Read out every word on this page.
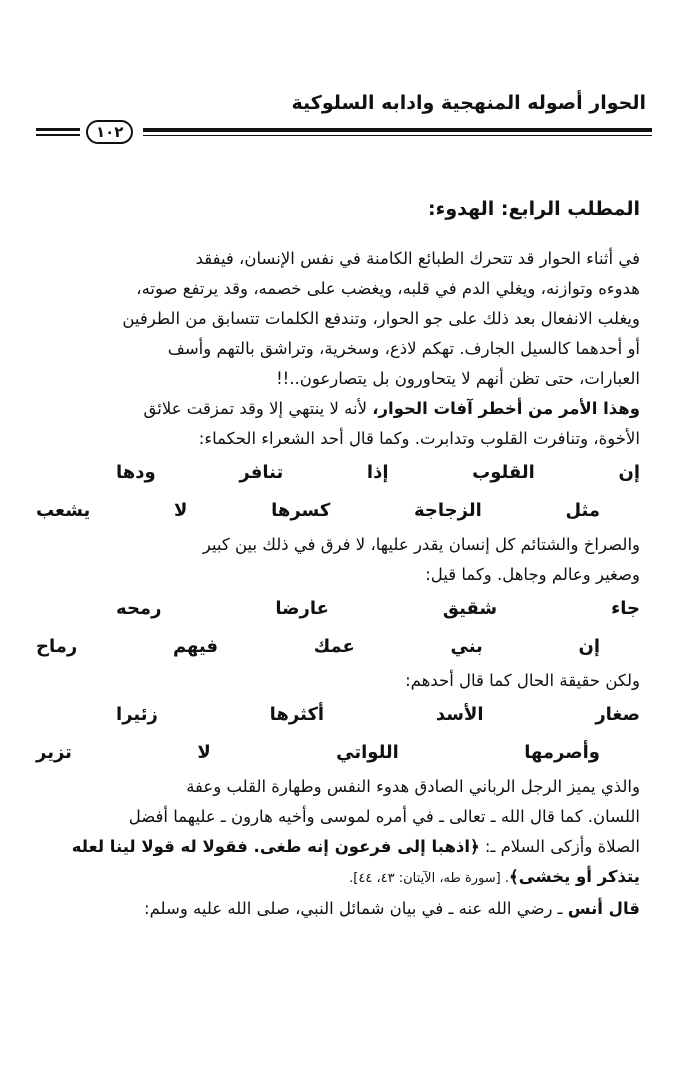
الحوار أصوله المنهجية وادابه السلوكية
١٠٢

المطلب الرابع: الهدوء:

في أثناء الحوار قد تتحرك الطبائع الكامنة في نفس الإنسان، فيفقد

هدوءه وتوازنه، ويغلي الدم في قلبه، ويغضب على خصمه، وقد يرتفع صوته،

ويغلب الانفعال بعد ذلك على جو الحوار، وتندفع الكلمات تتسابق من الطرفين

أو أحدهما كالسيل الجارف. تهكم لاذع، وسخرية، وتراشق بالتهم وأسف

العبارات، حتى تظن أنهم لا يتحاورون بل يتصارعون..!!

وهذا الأمر من أخطر آفات الحوار، لأنه لا ينتهي إلا وقد تمزقت علائق

الأخوة، وتنافرت القلوب وتدابرت. وكما قال أحد الشعراء الحكماء:

إن
القلوب
إذا
تنافر
ودها
مثل
الزجاجة
كسرها
لا
يشعب

والصراخ والشتائم كل إنسان يقدر عليها، لا فرق في ذلك بين كبير

وصغير وعالم وجاهل. وكما قيل:

جاء
شقيق
عارضا
رمحه
إن
بني
عمك
فيهم
رماح

ولكن حقيقة الحال كما قال أحدهم:

صغار
الأسد
أكثرها
زئيرا
وأصرمها
اللواتي
لا
تزير

والذي يميز الرجل الرباني الصادق هدوء النفس وطهارة القلب وعفة

اللسان. كما قال الله ـ تعالى ـ في أمره لموسى وأخيه هارون ـ عليهما أفضل

الصلاة وأزكى السلام ـ: ﴿اذهبا إلى فرعون إنه طغى. فقولا له قولا لينا لعله

يتذكر أو يخشى﴾. [سورة طه، الآيتان: ٤٣، ٤٤].

قال أنس ـ رضي الله عنه ـ في بيان شمائل النبي، صلى الله عليه وسلم:
